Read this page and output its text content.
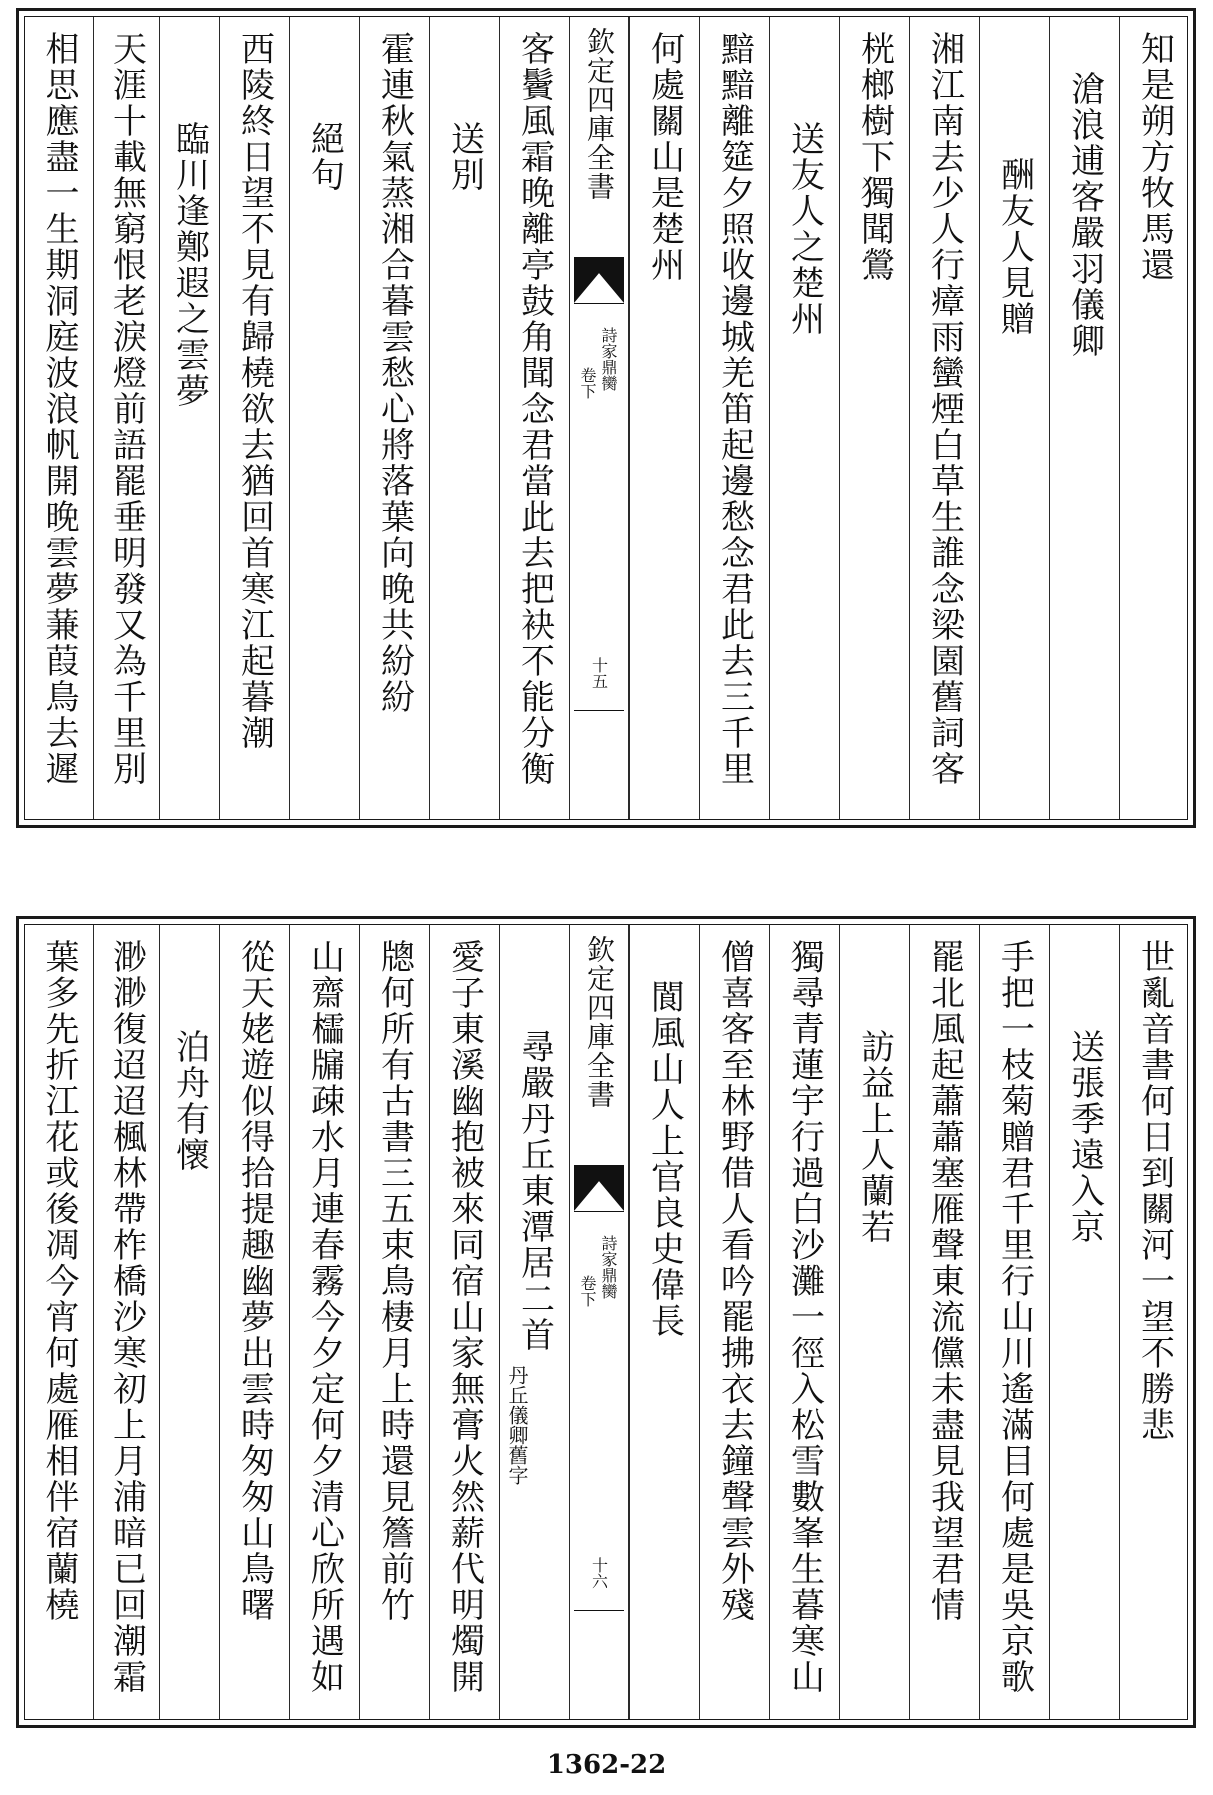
知是朔方牧馬還
滄浪逋客嚴羽儀卿
酬友人見贈
湘江南去少人行瘴雨蠻煙白草生誰念梁園舊詞客
桄榔樹下獨聞鶯
送友人之楚州
黯黯離筵夕照收邊城羌笛起邊愁念君此去三千里
何處關山是楚州
欽定四庫全書
詩家鼎臠
卷下
十五
客鬢風霜晚離亭鼓角聞念君當此去把袂不能分衡
送別
霍連秋氣蒸湘合暮雲愁心將落葉向晚共紛紛
絕句
西陵終日望不見有歸橈欲去猶回首寒江起暮潮
臨川逢鄭遐之雲夢
天涯十載無窮恨老淚燈前語罷垂明發又為千里別
相思應盡一生期洞庭波浪帆開晚雲夢蒹葭鳥去遲
世亂音書何日到關河一望不勝悲
送張季遠入京
手把一枝菊贈君千里行山川遙滿目何處是吳京歌
罷北風起蕭蕭塞雁聲東流儻未盡見我望君情
訪益上人蘭若
獨尋青蓮宇行過白沙灘一徑入松雪數峯生暮寒山
僧喜客至林野借人看吟罷拂衣去鐘聲雲外殘
閬風山人上官良史偉長
欽定四庫全書
詩家鼎臠
卷下
十六
尋嚴丹丘東潭居二首
丹丘儀卿舊字
愛子東溪幽抱被來同宿山家無膏火然薪代明燭開
牕何所有古書三五束鳥棲月上時還見簷前竹
山齋櫺牖疎水月連春霧今夕定何夕清心欣所遇如
從天姥遊似得拾提趣幽夢出雲時匆匆山鳥曙
泊舟有懷
渺渺復迢迢楓林帶柞橋沙寒初上月浦暗已回潮霜
葉多先折江花或後凋今宵何處雁相伴宿蘭橈
1362-22
